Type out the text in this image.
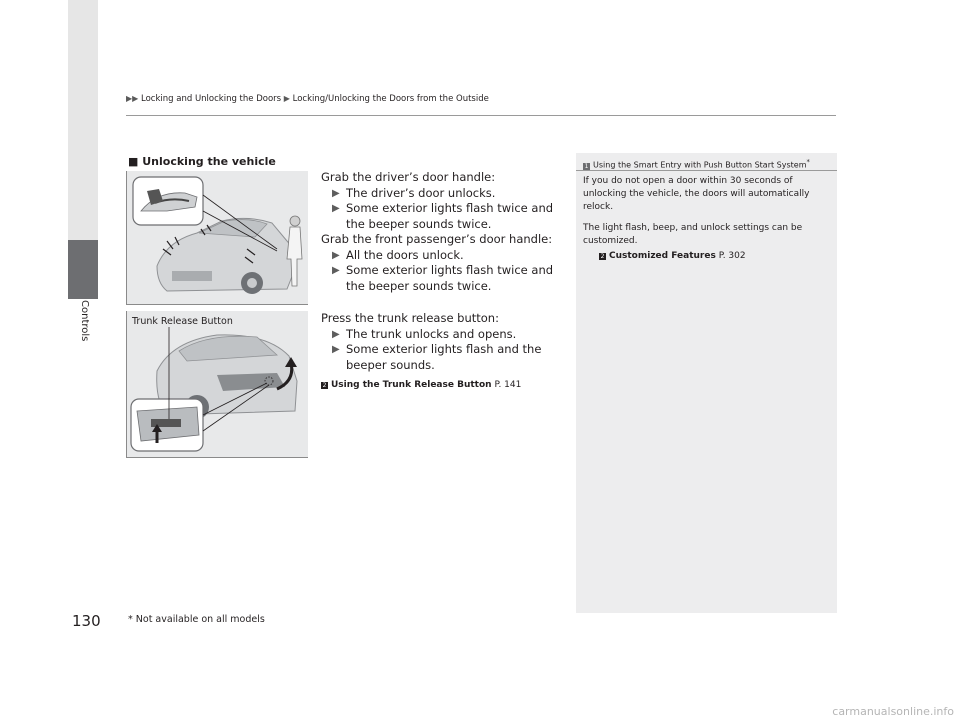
▶▶ Locking and Unlocking the Doors ▶ Locking/Unlocking the Doors from the Outside
Controls
■ Unlocking the vehicle
Trunk Release Button
Grab the driver’s door handle:
▶ The driver’s door unlocks.
▶ Some exterior lights flash twice and the beeper sounds twice.
Grab the front passenger’s door handle:
▶ All the doors unlock.
▶ Some exterior lights flash twice and the beeper sounds twice.
Press the trunk release button:
▶ The trunk unlocks and opens.
▶ Some exterior lights flash and the beeper sounds.
2 Using the Trunk Release Button P. 141
1 Using the Smart Entry with Push Button Start System*

If you do not open a door within 30 seconds of unlocking the vehicle, the doors will automatically relock.

The light flash, beep, and unlock settings can be customized.

2 Customized Features P. 302
130	* Not available on all models
carmanualsonline.info
